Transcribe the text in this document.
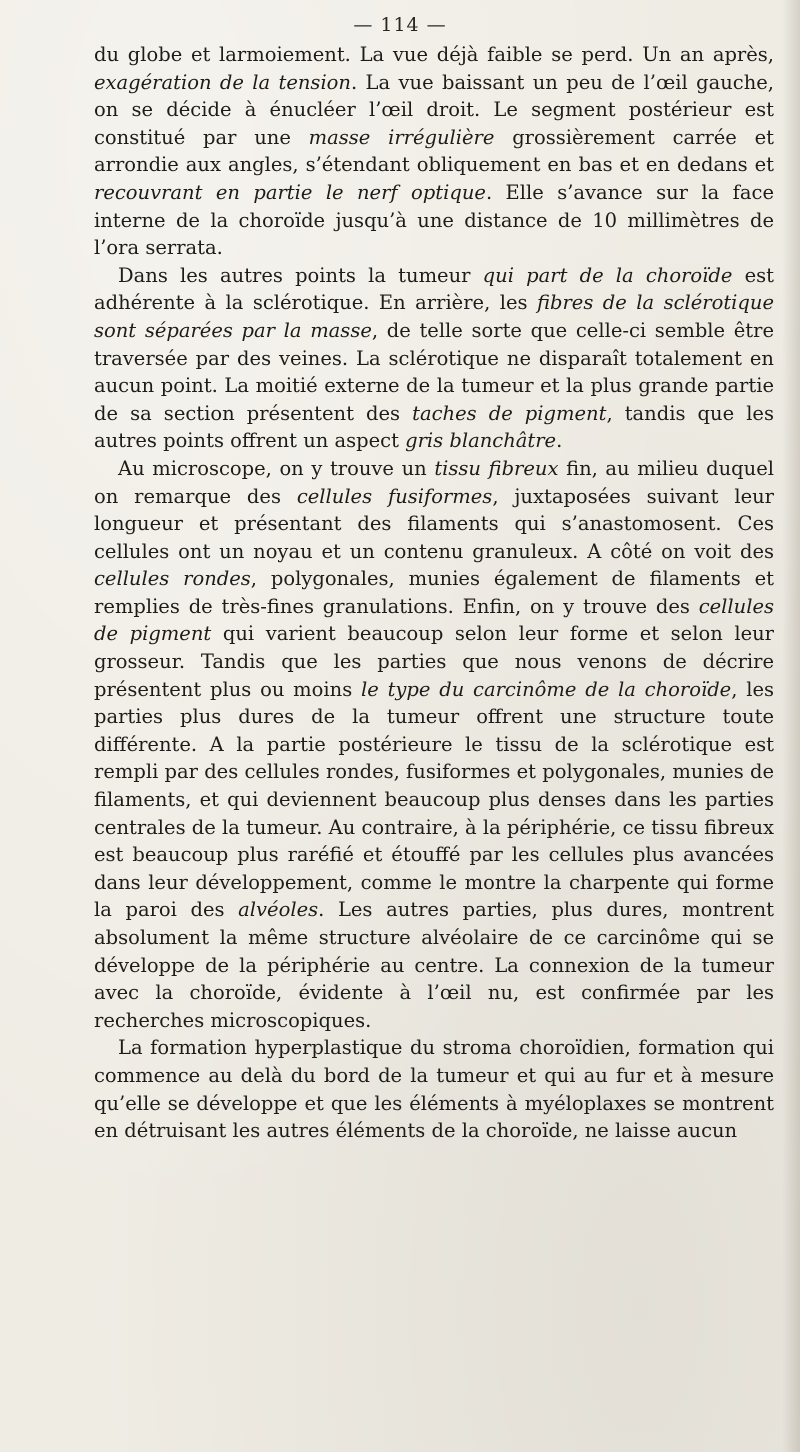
— 114 —

du globe et larmoiement. La vue déjà faible se perd. Un an après, exagération de la tension. La vue baissant un peu de l’œil gauche, on se décide à énucléer l’œil droit. Le segment postérieur est constitué par une masse irrégulière grossièrement carrée et arrondie aux angles, s’étendant obliquement en bas et en dedans et recouvrant en partie le nerf optique. Elle s’avance sur la face interne de la choroïde jusqu’à une distance de 10 millimètres de l’ora serrata.

Dans les autres points la tumeur qui part de la choroïde est adhérente à la sclérotique. En arrière, les fibres de la sclérotique sont séparées par la masse, de telle sorte que celle-ci semble être traversée par des veines. La sclérotique ne disparaît totalement en aucun point. La moitié externe de la tumeur et la plus grande partie de sa section présentent des taches de pigment, tandis que les autres points offrent un aspect gris blanchâtre.

Au microscope, on y trouve un tissu fibreux fin, au milieu duquel on remarque des cellules fusiformes, juxtaposées suivant leur longueur et présentant des filaments qui s’anastomosent. Ces cellules ont un noyau et un contenu granuleux. A côté on voit des cellules rondes, polygonales, munies également de filaments et remplies de très-fines granulations. Enfin, on y trouve des cellules de pigment qui varient beaucoup selon leur forme et selon leur grosseur. Tandis que les parties que nous venons de décrire présentent plus ou moins le type du carcinôme de la choroïde, les parties plus dures de la tumeur offrent une structure toute différente. A la partie postérieure le tissu de la sclérotique est rempli par des cellules rondes, fusiformes et polygonales, munies de filaments, et qui deviennent beaucoup plus denses dans les parties centrales de la tumeur. Au contraire, à la périphérie, ce tissu fibreux est beaucoup plus raréfié et étouffé par les cellules plus avancées dans leur développement, comme le montre la charpente qui forme la paroi des alvéoles. Les autres parties, plus dures, montrent absolument la même structure alvéolaire de ce carcinôme qui se développe de la périphérie au centre. La connexion de la tumeur avec la choroïde, évidente à l’œil nu, est confirmée par les recherches microscopiques.

La formation hyperplastique du stroma choroïdien, formation qui commence au delà du bord de la tumeur et qui au fur et à mesure qu’elle se développe et que les éléments à myéloplaxes se montrent en détruisant les autres éléments de la choroïde, ne laisse aucun
